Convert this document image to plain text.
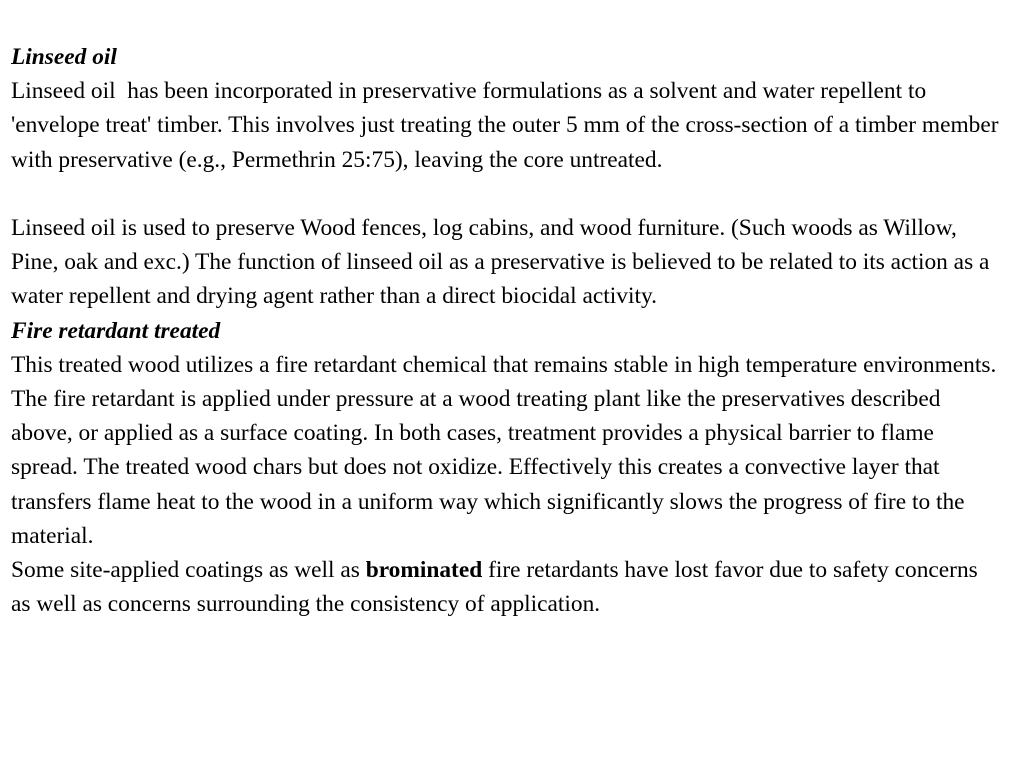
Linseed oil

Linseed oil  has been incorporated in preservative formulations as a solvent and water repellent to 'envelope treat' timber. This involves just treating the outer 5 mm of the cross-section of a timber member with preservative (e.g., Permethrin 25:75), leaving the core untreated.

Linseed oil is used to preserve Wood fences, log cabins, and wood furniture. (Such woods as Willow, Pine, oak and exc.) The function of linseed oil as a preservative is believed to be related to its action as a water repellent and drying agent rather than a direct biocidal activity.

Fire retardant treated

This treated wood utilizes a fire retardant chemical that remains stable in high temperature environments. The fire retardant is applied under pressure at a wood treating plant like the preservatives described above, or applied as a surface coating. In both cases, treatment provides a physical barrier to flame spread. The treated wood chars but does not oxidize. Effectively this creates a convective layer that transfers flame heat to the wood in a uniform way which significantly slows the progress of fire to the material.

Some site-applied coatings as well as brominated fire retardants have lost favor due to safety concerns as well as concerns surrounding the consistency of application.
